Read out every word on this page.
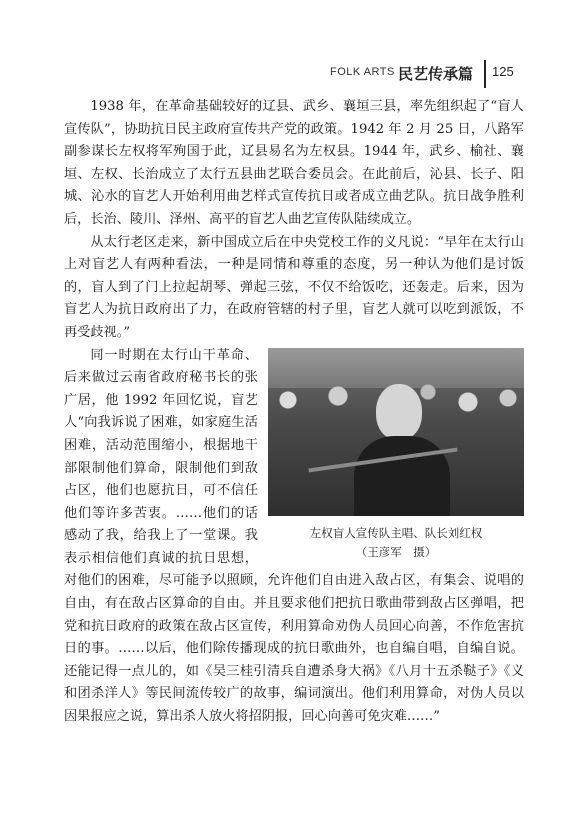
FOLK ARTS 民艺传承篇 125

1938 年，在革命基础较好的辽县、武乡、襄垣三县，率先组织起了“盲人宣传队”，协助抗日民主政府宣传共产党的政策。1942 年 2 月 25 日，八路军副参谋长左权将军殉国于此，辽县易名为左权县。1944 年，武乡、榆社、襄垣、左权、长治成立了太行五县曲艺联合委员会。在此前后，沁县、长子、阳城、沁水的盲艺人开始利用曲艺样式宣传抗日或者成立曲艺队。抗日战争胜利后，长治、陵川、泽州、高平的盲艺人曲艺宣传队陆续成立。

从太行老区走来，新中国成立后在中央党校工作的义凡说：“早年在太行山上对盲艺人有两种看法，一种是同情和尊重的态度，另一种认为他们是讨饭的，盲人到了门上拉起胡琴、弹起三弦，不仅不给饭吃，还轰走。后来，因为盲艺人为抗日政府出了力，在政府管辖的村子里，盲艺人就可以吃到派饭，不再受歧视。”

左权盲人宣传队主唱、队长刘红权
（王彦军　摄）

同一时期在太行山干革命、后来做过云南省政府秘书长的张广居，他 1992 年回忆说，盲艺人“向我诉说了困难，如家庭生活困难，活动范围缩小，根据地干部限制他们算命，限制他们到敌占区，他们也愿抗日，可不信任他们等许多苦衷。……他们的话感动了我，给我上了一堂课。我表示相信他们真诚的抗日思想，对他们的困难，尽可能予以照顾，允许他们自由进入敌占区，有集会、说唱的自由，有在敌占区算命的自由。并且要求他们把抗日歌曲带到敌占区弹唱，把党和抗日政府的政策在敌占区宣传，利用算命劝伪人员回心向善，不作危害抗日的事。……以后，他们除传播现成的抗日歌曲外，也自编自唱，自编自说。还能记得一点儿的，如《吴三桂引清兵自遭杀身大祸》《八月十五杀鞑子》《义和团杀洋人》等民间流传较广的故事，编词演出。他们利用算命，对伪人员以因果报应之说，算出杀人放火将招阴报，回心向善可免灾难……”
